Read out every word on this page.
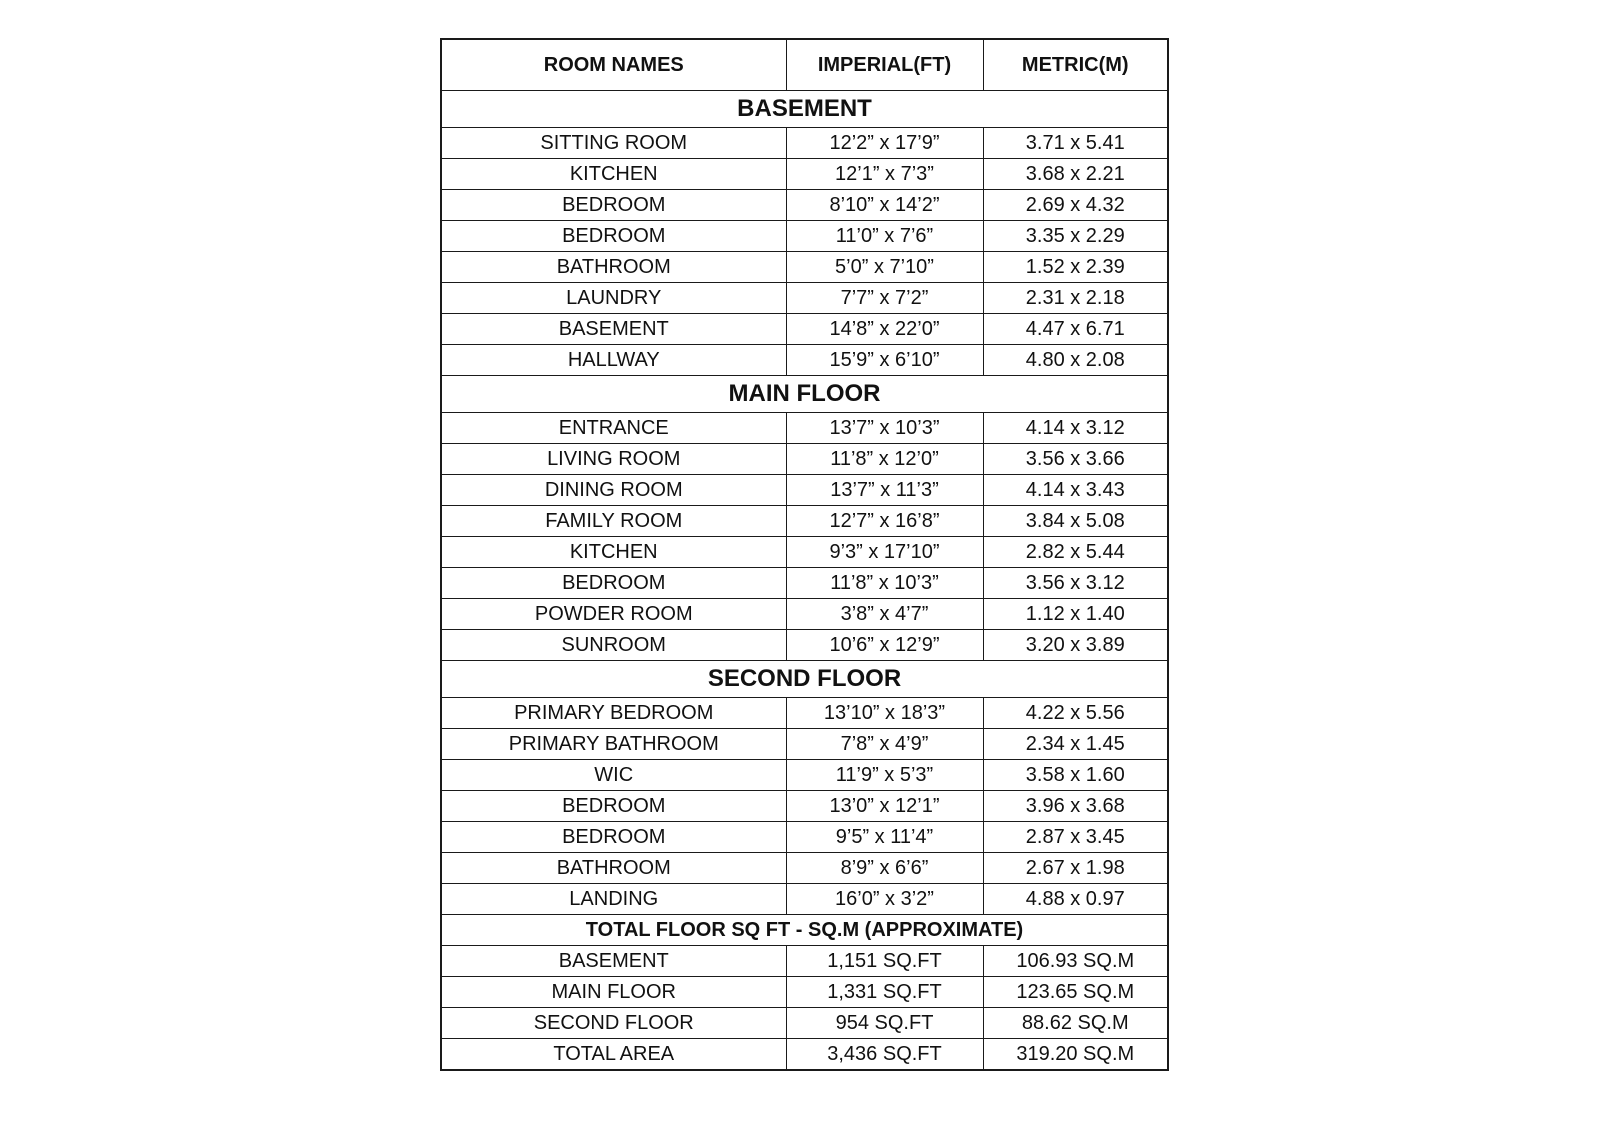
ROOM NAMES	IMPERIAL(FT)	METRIC(M)
BASEMENT		
SITTING ROOM	12’2” x 17’9”	3.71 x 5.41
KITCHEN	12’1” x 7’3”	3.68 x 2.21
BEDROOM	8’10” x 14’2”	2.69 x 4.32
BEDROOM	11’0” x 7’6”	3.35 x 2.29
BATHROOM	5’0” x 7’10”	1.52 x 2.39
LAUNDRY	7’7” x 7’2”	2.31 x 2.18
BASEMENT	14’8” x 22’0”	4.47 x 6.71
HALLWAY	15’9” x 6’10”	4.80 x 2.08
MAIN FLOOR		
ENTRANCE	13’7” x 10’3”	4.14 x 3.12
LIVING ROOM	11’8” x 12’0”	3.56 x 3.66
DINING ROOM	13’7” x 11’3”	4.14 x 3.43
FAMILY ROOM	12’7” x 16’8”	3.84 x 5.08
KITCHEN	9’3” x 17’10”	2.82 x 5.44
BEDROOM	11’8” x 10’3”	3.56 x 3.12
POWDER ROOM	3’8” x 4’7”	1.12 x 1.40
SUNROOM	10’6” x 12’9”	3.20 x 3.89
SECOND FLOOR		
PRIMARY BEDROOM	13’10” x 18’3”	4.22 x 5.56
PRIMARY BATHROOM	7’8” x 4’9”	2.34 x 1.45
WIC	11’9” x 5’3”	3.58 x 1.60
BEDROOM	13’0” x 12’1”	3.96 x 3.68
BEDROOM	9’5” x 11’4”	2.87 x 3.45
BATHROOM	8’9” x 6’6”	2.67 x 1.98
LANDING	16’0” x 3’2”	4.88 x 0.97
TOTAL FLOOR SQ FT - SQ.M (APPROXIMATE)		
BASEMENT	1,151 SQ.FT	106.93 SQ.M
MAIN FLOOR	1,331 SQ.FT	123.65 SQ.M
SECOND FLOOR	954 SQ.FT	88.62 SQ.M
TOTAL AREA	3,436 SQ.FT	319.20 SQ.M
